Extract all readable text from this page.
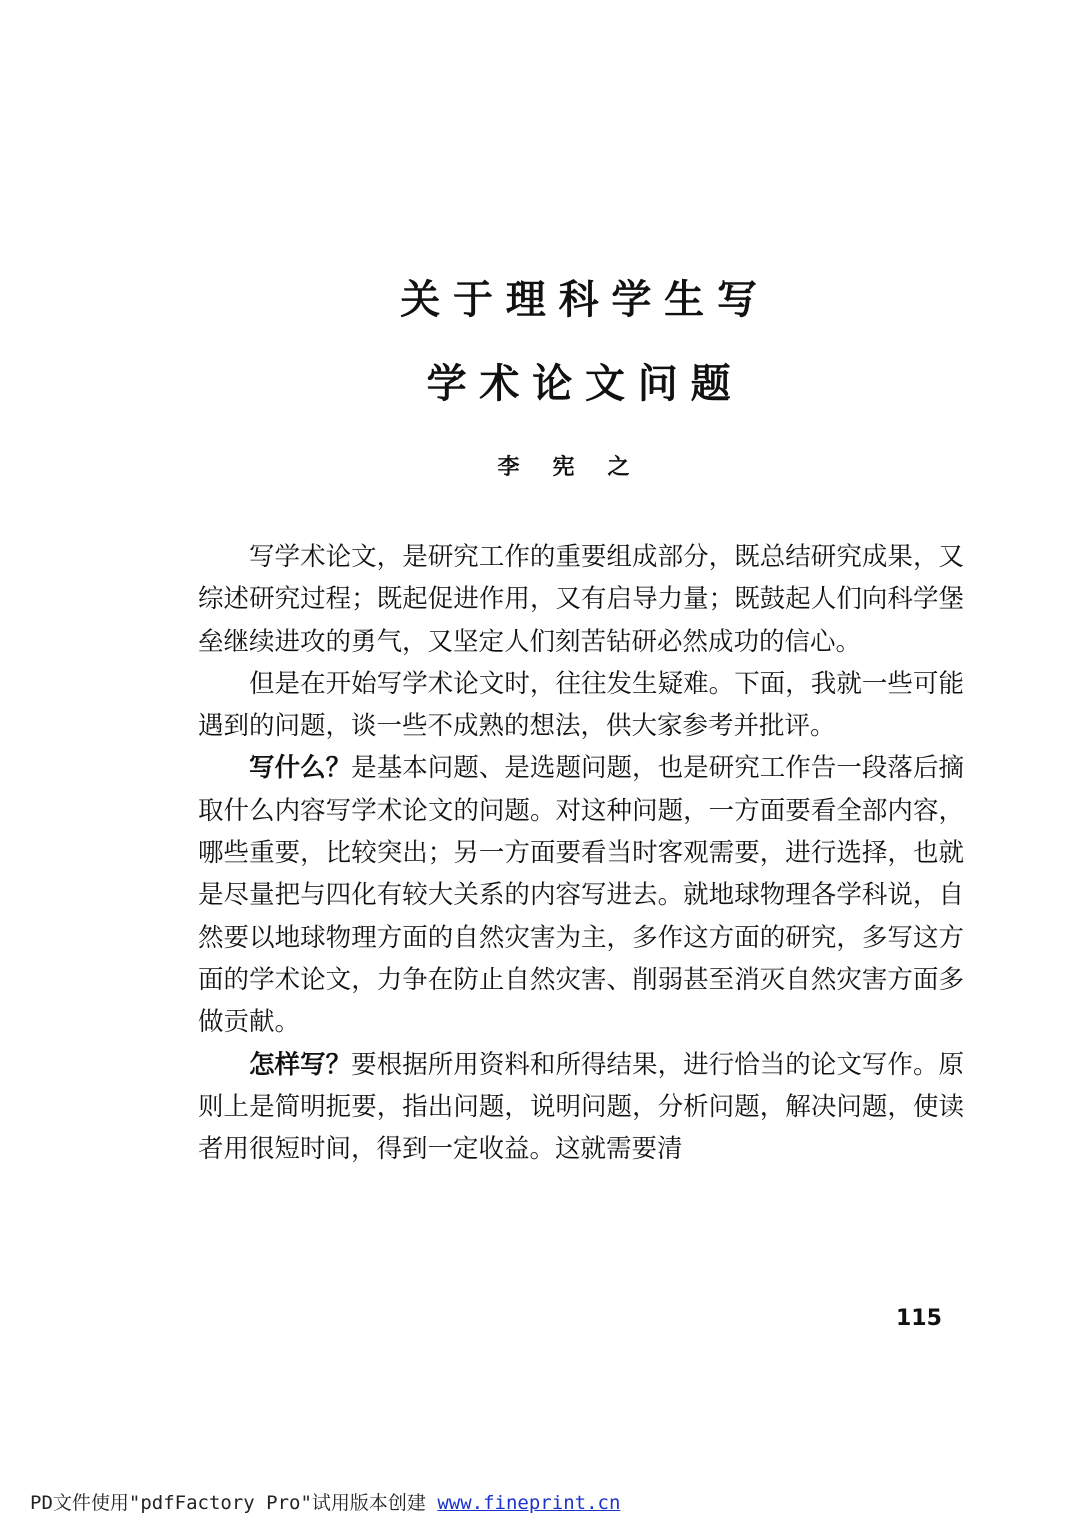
关于理科学生写
学术论文问题

李宪之

写学术论文，是研究工作的重要组成部分，既总结研究成果，又综述研究过程；既起促进作用，又有启导力量；既鼓起人们向科学堡垒继续进攻的勇气，又坚定人们刻苦钻研必然成功的信心。

但是在开始写学术论文时，往往发生疑难。下面，我就一些可能遇到的问题，谈一些不成熟的想法，供大家参考并批评。

写什么？是基本问题、是选题问题，也是研究工作告一段落后摘取什么内容写学术论文的问题。对这种问题，一方面要看全部内容，哪些重要，比较突出；另一方面要看当时客观需要，进行选择，也就是尽量把与四化有较大关系的内容写进去。就地球物理各学科说，自然要以地球物理方面的自然灾害为主，多作这方面的研究，多写这方面的学术论文，力争在防止自然灾害、削弱甚至消灭自然灾害方面多做贡献。

怎样写？要根据所用资料和所得结果，进行恰当的论文写作。原则上是简明扼要，指出问题，说明问题，分析问题，解决问题，使读者用很短时间，得到一定收益。这就需要清

115
PD文件使用"pdfFactory Pro"试用版本创建 www.fineprint.cn
